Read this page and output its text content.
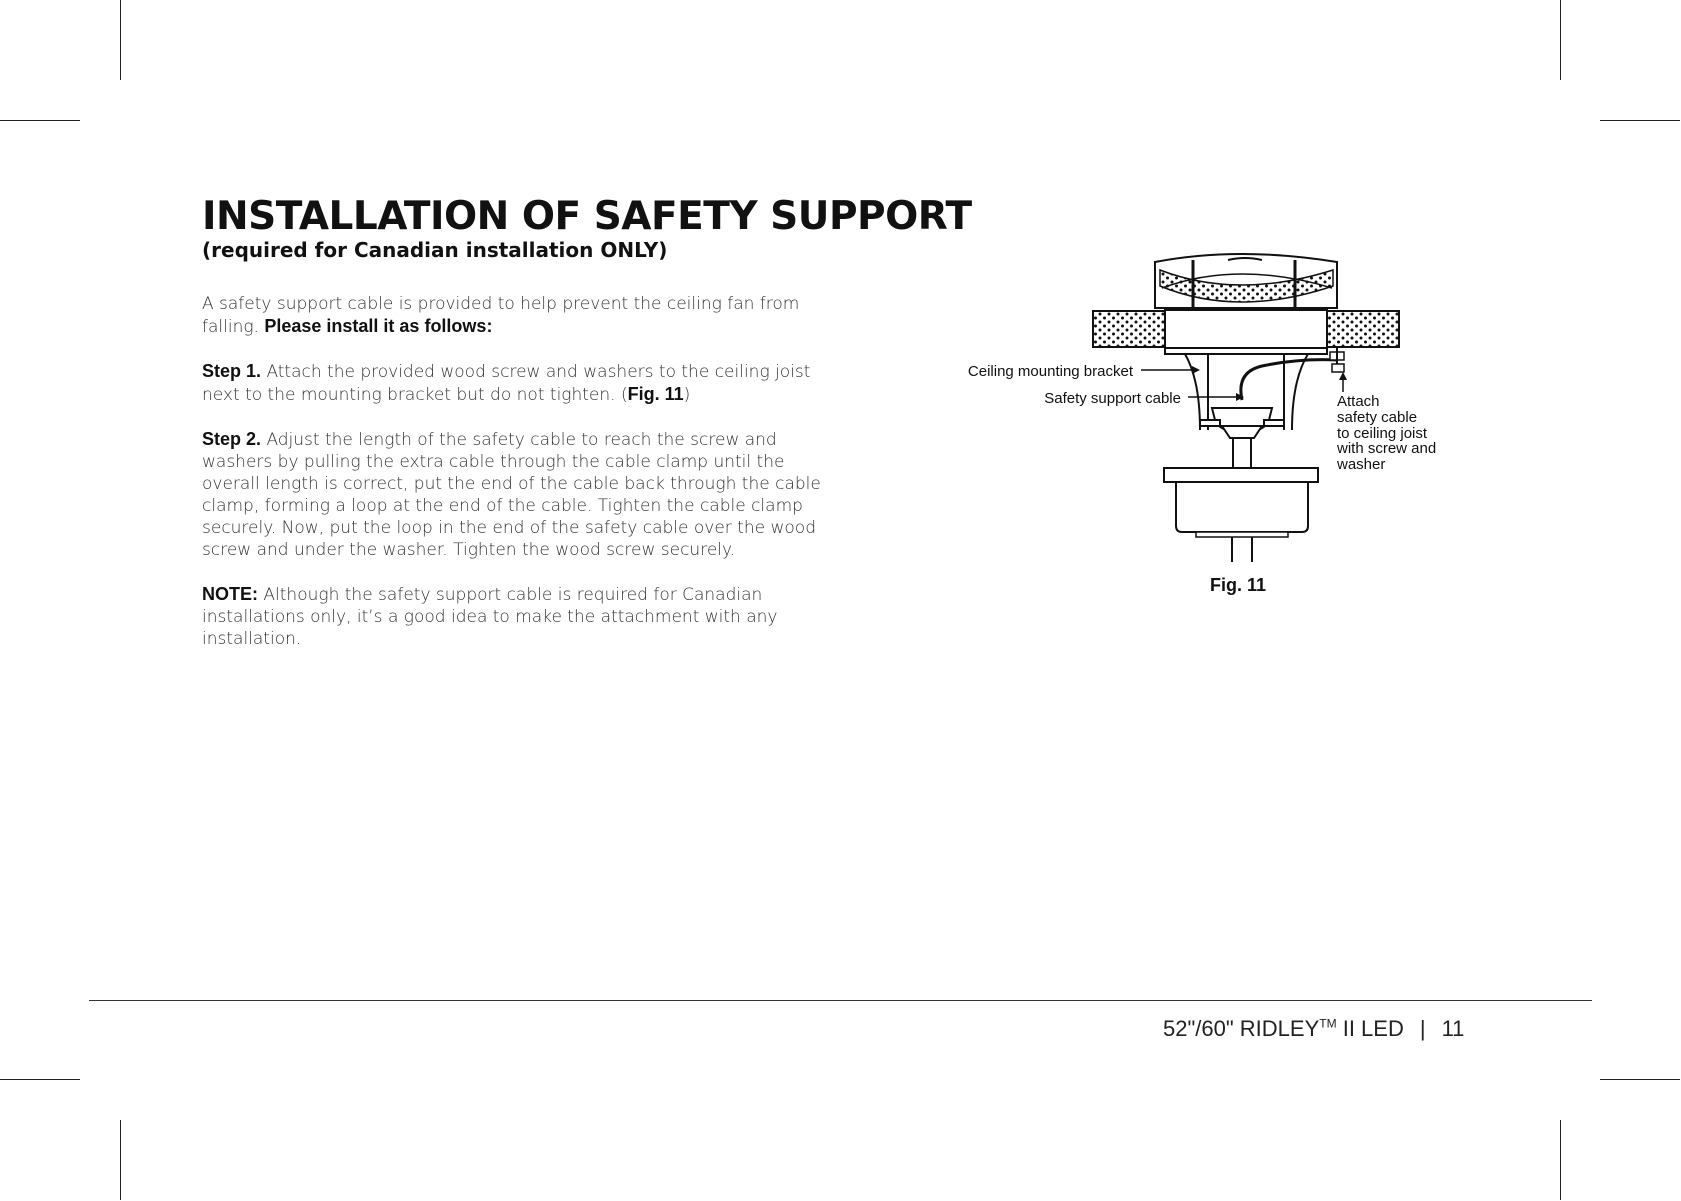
INSTALLATION OF SAFETY SUPPORT
(required for Canadian installation ONLY)

A safety support cable is provided to help prevent the ceiling fan from falling. Please install it as follows:

Step 1. Attach the provided wood screw and washers to the ceiling joist next to the mounting bracket but do not tighten. (Fig. 11)

Step 2. Adjust the length of the safety cable to reach the screw and washers by pulling the extra cable through the cable clamp until the overall length is correct, put the end of the cable back through the cable clamp, forming a loop at the end of the cable. Tighten the cable clamp securely. Now, put the loop in the end of the safety cable over the wood screw and under the washer. Tighten the wood screw securely.

NOTE: Although the safety support cable is required for Canadian installations only, it’s a good idea to make the attachment with any installation.

Ceiling mounting bracket
Safety support cable	Attach
safety cable
to ceiling joist
with screw and
washer
Fig. 11
52"/60" RIDLEY™ II LED | 11
